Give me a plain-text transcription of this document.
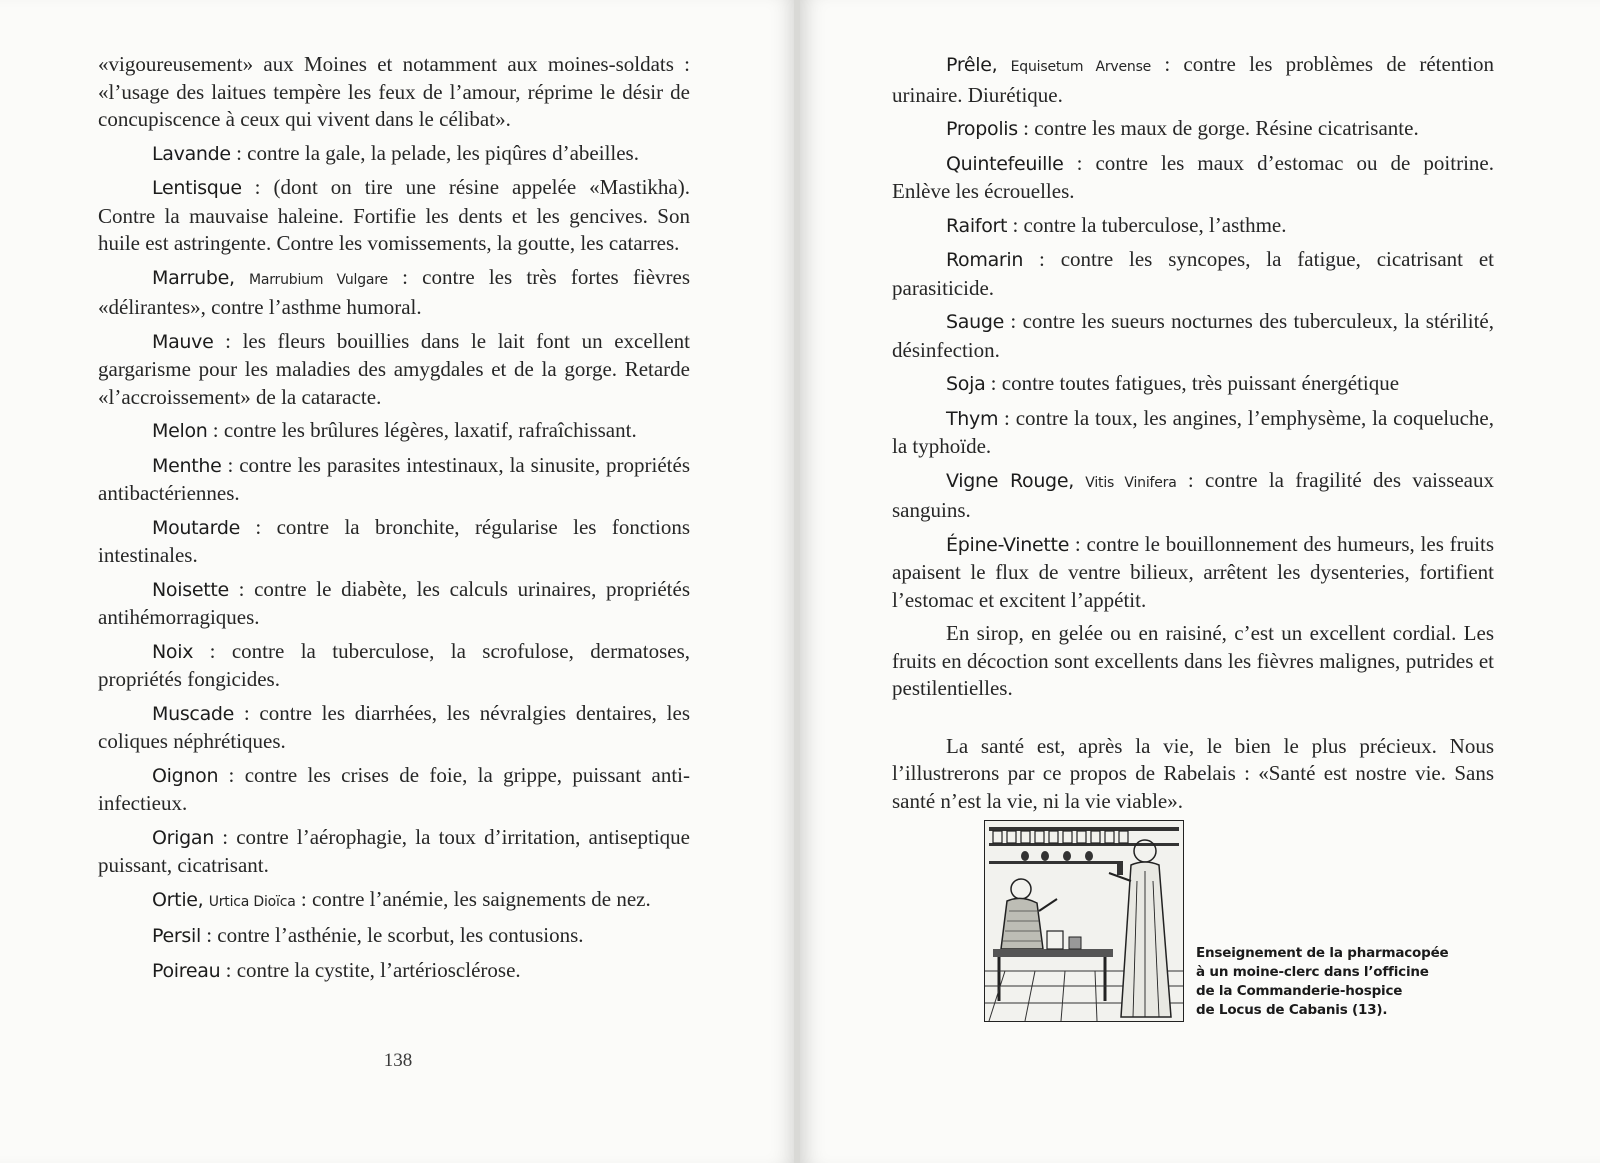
«vigoureusement» aux Moines et notamment aux moines-soldats : «l’usage des laitues tempère les feux de l’amour, réprime le désir de concupiscence à ceux qui vivent dans le célibat».

Lavande : contre la gale, la pelade, les piqûres d’abeilles.

Lentisque : (dont on tire une résine appelée «Mastikha). Contre la mauvaise haleine. Fortifie les dents et les gencives. Son huile est astringente. Contre les vomissements, la goutte, les catarres.

Marrube, Marrubium Vulgare : contre les très fortes fièvres «délirantes», contre l’asthme humoral.

Mauve : les fleurs bouillies dans le lait font un excellent gargarisme pour les maladies des amygdales et de la gorge. Retarde «l’accroissement» de la cataracte.

Melon : contre les brûlures légères, laxatif, rafraîchissant.

Menthe : contre les parasites intestinaux, la sinusite, propriétés antibactériennes.

Moutarde : contre la bronchite, régularise les fonctions intestinales.

Noisette : contre le diabète, les calculs urinaires, propriétés antihémorragiques.

Noix : contre la tuberculose, la scrofulose, dermatoses, propriétés fongicides.

Muscade : contre les diarrhées, les névralgies dentaires, les coliques néphrétiques.

Oignon : contre les crises de foie, la grippe, puissant anti-infectieux.

Origan : contre l’aérophagie, la toux d’irritation, antiseptique puissant, cicatrisant.

Ortie, Urtica Dioïca : contre l’anémie, les saignements de nez.

Persil : contre l’asthénie, le scorbut, les contusions.

Poireau : contre la cystite, l’artériosclérose.

138

Prêle, Equisetum Arvense : contre les problèmes de rétention urinaire. Diurétique.

Propolis : contre les maux de gorge. Résine cicatrisante.

Quintefeuille : contre les maux d’estomac ou de poitrine. Enlève les écrouelles.

Raifort : contre la tuberculose, l’asthme.

Romarin : contre les syncopes, la fatigue, cicatrisant et parasiticide.

Sauge : contre les sueurs nocturnes des tuberculeux, la stérilité, désinfection.

Soja : contre toutes fatigues, très puissant énergétique

Thym : contre la toux, les angines, l’emphysème, la coqueluche, la typhoïde.

Vigne Rouge, Vitis Vinifera : contre la fragilité des vaisseaux sanguins.

Épine-Vinette : contre le bouillonnement des humeurs, les fruits apaisent le flux de ventre bilieux, arrêtent les dysenteries, fortifient l’estomac et excitent l’appétit.

En sirop, en gelée ou en raisiné, c’est un excellent cordial. Les fruits en décoction sont excellents dans les fièvres malignes, putrides et pestilentielles.

La santé est, après la vie, le bien le plus précieux. Nous l’illustrerons par ce propos de Rabelais : «Santé est nostre vie. Sans santé n’est la vie, ni la vie viable».

Enseignement de la pharmacopée
à un moine-clerc dans l’officine
de la Commanderie-hospice
de Locus de Cabanis (13).
